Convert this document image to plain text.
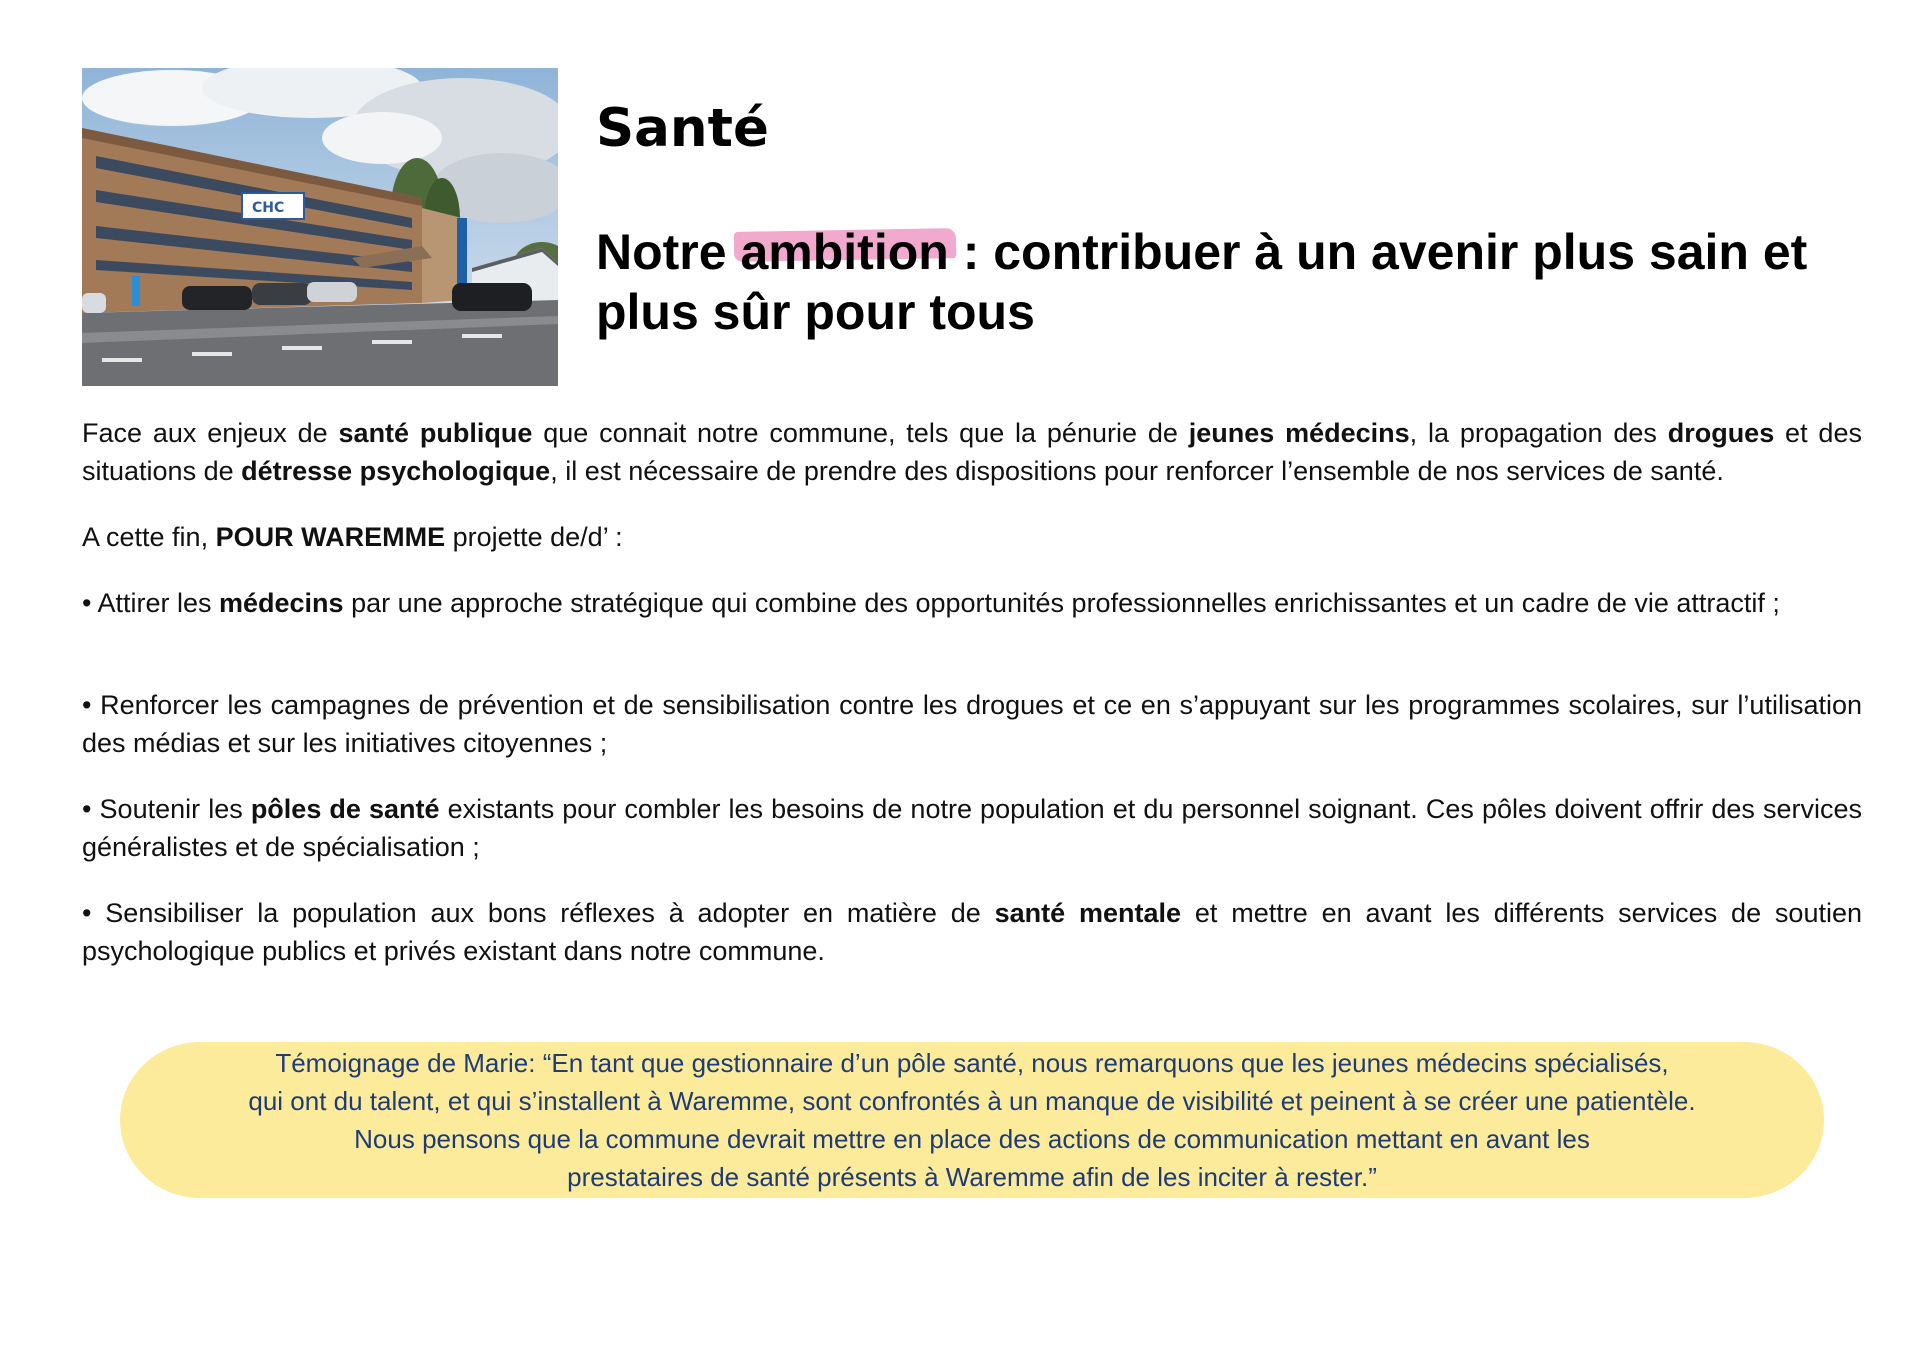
CHC
Santé
Notre ambition : contribuer à un avenir plus sain et plus sûr pour tous

Face aux enjeux de santé publique que connait notre commune, tels que la pénurie de jeunes médecins, la propagation des drogues et des situations de détresse psychologique, il est nécessaire de prendre des dispositions pour renforcer l’ensemble de nos services de santé.

A cette fin, POUR WAREMME projette de/d’ :

• Attirer les médecins par une approche stratégique qui combine des opportunités professionnelles enrichissantes et un cadre de vie attractif ;

• Renforcer les campagnes de prévention et de sensibilisation contre les drogues et ce en s’appuyant sur les programmes scolaires, sur l’utilisation des médias et sur les initiatives citoyennes ;

• Soutenir les pôles de santé existants pour combler les besoins de notre population et du personnel soignant. Ces pôles doivent offrir des services généralistes et de spécialisation ;

• Sensibiliser la population aux bons réflexes à adopter en matière de santé mentale et mettre en avant les différents services de soutien psychologique publics et privés existant dans notre commune.

Témoignage de Marie: “En tant que gestionnaire d’un pôle santé, nous remarquons que les jeunes médecins spécialisés,
qui ont du talent, et qui s’installent à Waremme, sont confrontés à un manque de visibilité et peinent à se créer une patientèle.
Nous pensons que la commune devrait mettre en place des actions de communication mettant en avant les
prestataires de santé présents à Waremme afin de les inciter à rester.”
